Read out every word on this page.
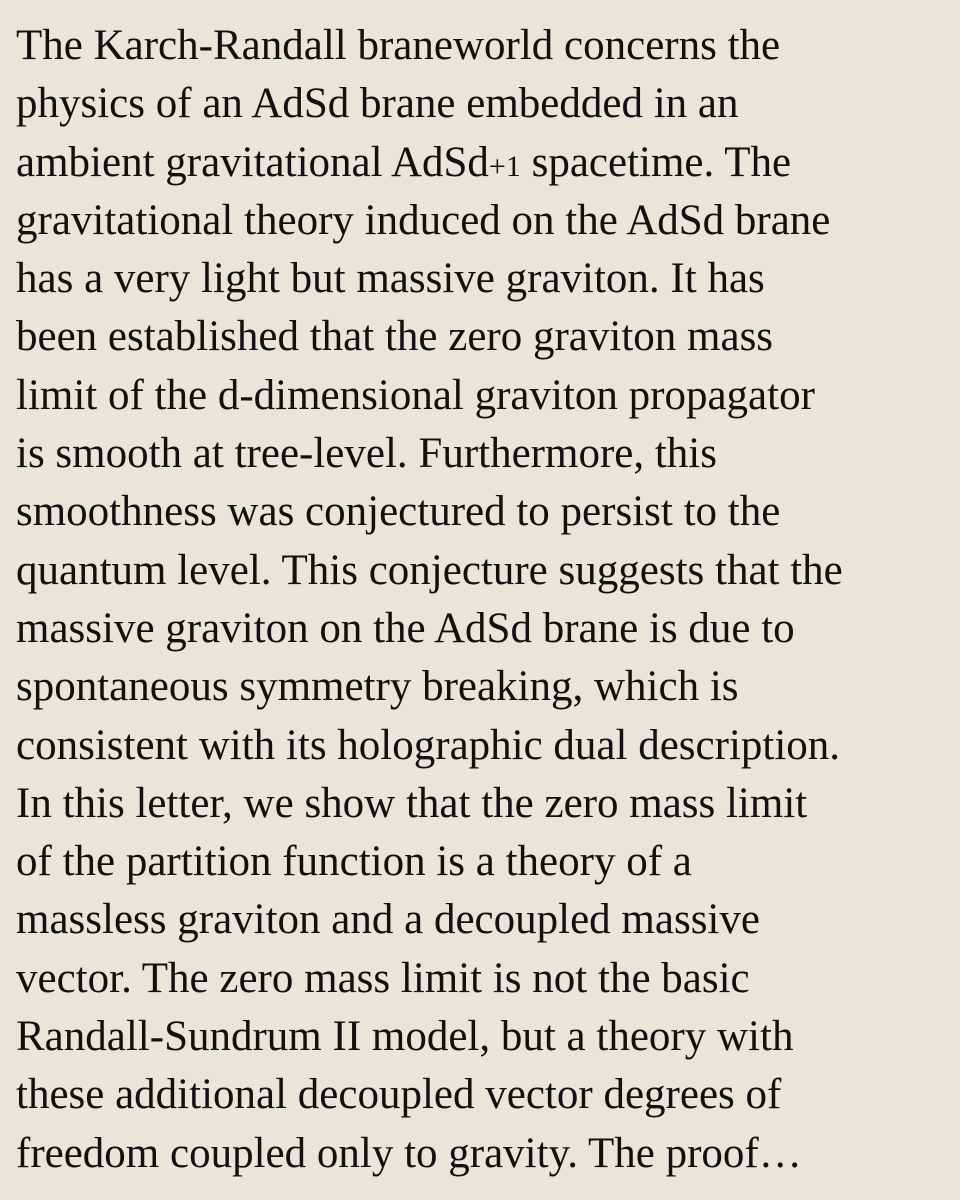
The Karch-Randall braneworld concerns the
physics of an AdSd brane embedded in an
ambient gravitational AdSd+1 spacetime. The
gravitational theory induced on the AdSd brane
has a very light but massive graviton. It has
been established that the zero graviton mass
limit of the d-dimensional graviton propagator
is smooth at tree-level. Furthermore, this
smoothness was conjectured to persist to the
quantum level. This conjecture suggests that the
massive graviton on the AdSd brane is due to
spontaneous symmetry breaking, which is
consistent with its holographic dual description.
In this letter, we show that the zero mass limit
of the partition function is a theory of a
massless graviton and a decoupled massive
vector. The zero mass limit is not the basic
Randall-Sundrum II model, but a theory with
these additional decoupled vector degrees of
freedom coupled only to gravity. The proof…
